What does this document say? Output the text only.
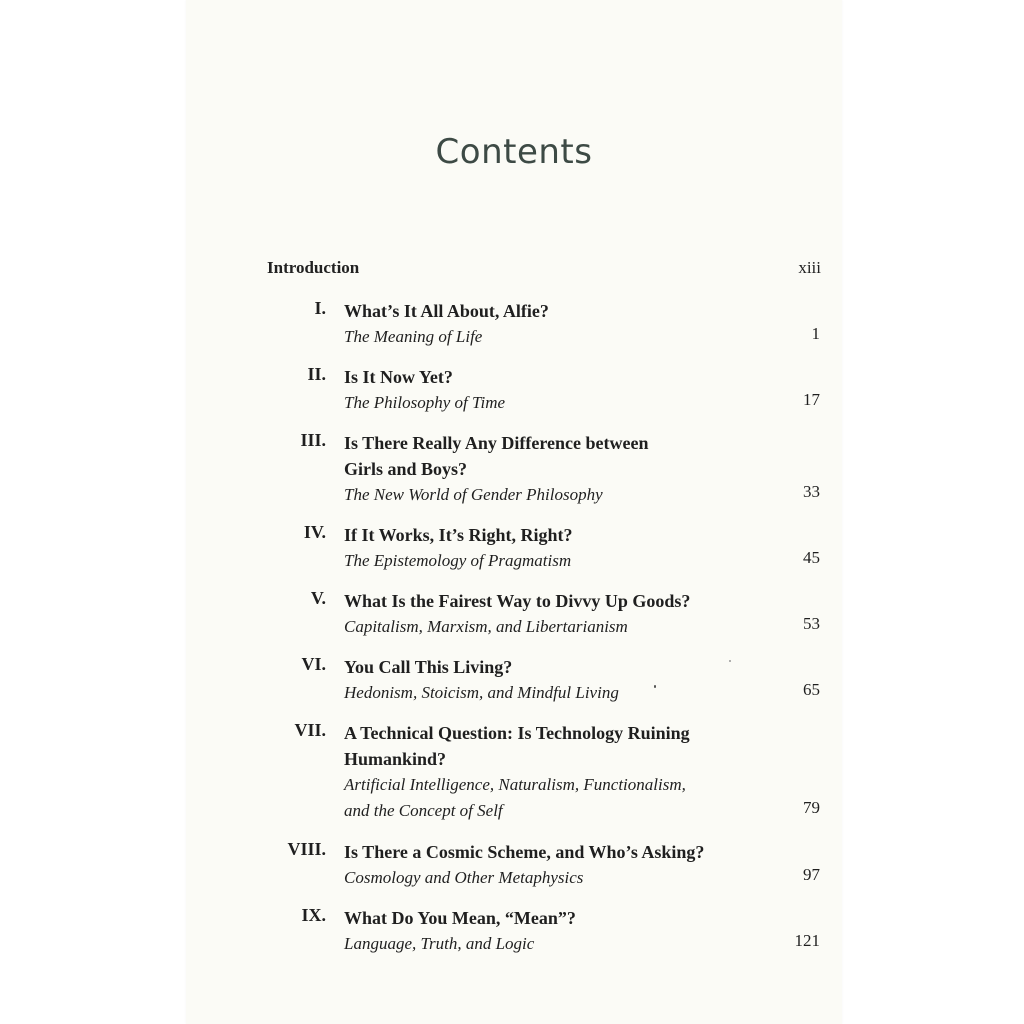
Contents
Introduction	xiii
I. What’s It All About, Alfie?
The Meaning of Life	1
II. Is It Now Yet?
The Philosophy of Time	17
III. Is There Really Any Difference between
Girls and Boys?
The New World of Gender Philosophy	33
IV. If It Works, It’s Right, Right?
The Epistemology of Pragmatism	45
V. What Is the Fairest Way to Divvy Up Goods?
Capitalism, Marxism, and Libertarianism	53
VI. You Call This Living?
Hedonism, Stoicism, and Mindful Living	65
VII. A Technical Question: Is Technology Ruining
Humankind?
Artificial Intelligence, Naturalism, Functionalism,
and the Concept of Self	79
VIII. Is There a Cosmic Scheme, and Who’s Asking?
Cosmology and Other Metaphysics	97
IX. What Do You Mean, “Mean”?
Language, Truth, and Logic	121
